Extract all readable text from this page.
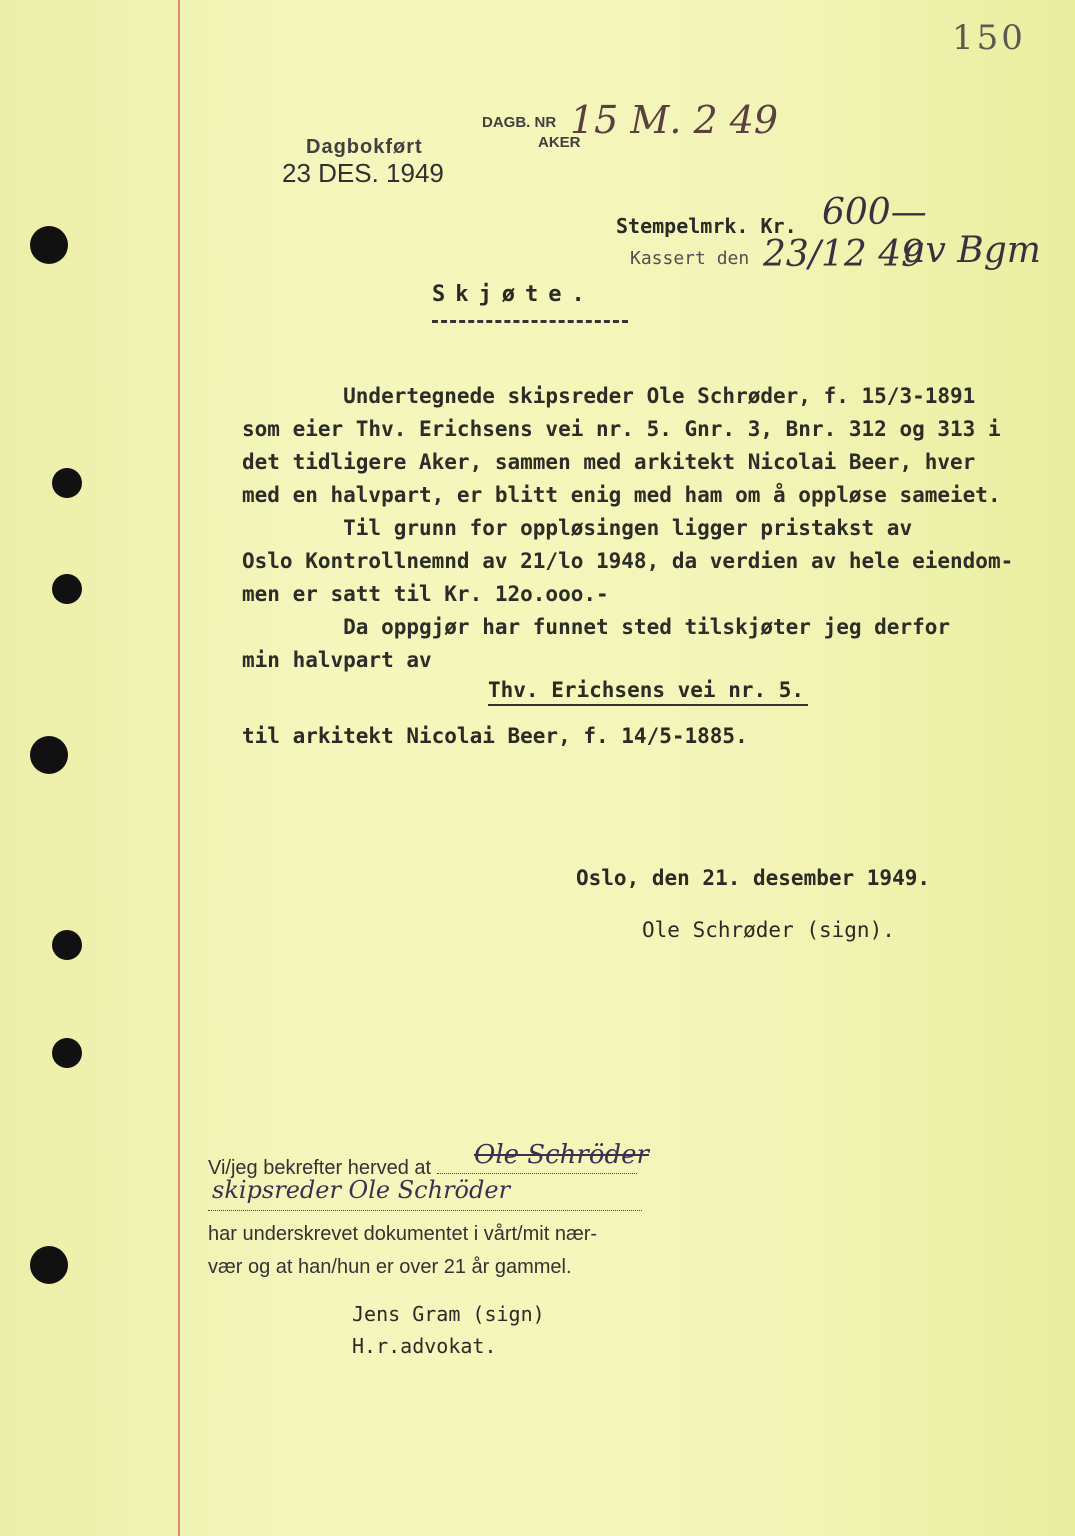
150
DAGB. NR
AKER
15 M. 2 49
Dagbokført
23 DES. 1949
Stempelmrk. Kr. 600—
Kassert den 23/12 49
av Bgm
Skjøte.
Undertegnede skipsreder Ole Schrøder, f. 15/3-1891
som eier Thv. Erichsens vei nr. 5. Gnr. 3, Bnr. 312 og 313 i
det tidligere Aker, sammen med arkitekt Nicolai Beer, hver
med en halvpart, er blitt enig med ham om å oppløse sameiet.
Til grunn for oppløsingen ligger pristakst av
Oslo Kontrollnemnd av 21/lo 1948, da verdien av hele eiendom-
men er satt til Kr. 12o.ooo.-
Da oppgjør har funnet sted tilskjøter jeg derfor
min halvpart av
Thv. Erichsens vei nr. 5.
til arkitekt Nicolai Beer, f. 14/5-1885.
Oslo, den 21. desember 1949.
Ole Schrøder (sign).
Vi/jeg bekrefter herved at
har underskrevet dokumentet i vårt/mit nær-
vær og at han/hun er over 21 år gammel.
Ole Schröder
skipsreder Ole Schröder
Jens Gram (sign)
H.r.advokat.
